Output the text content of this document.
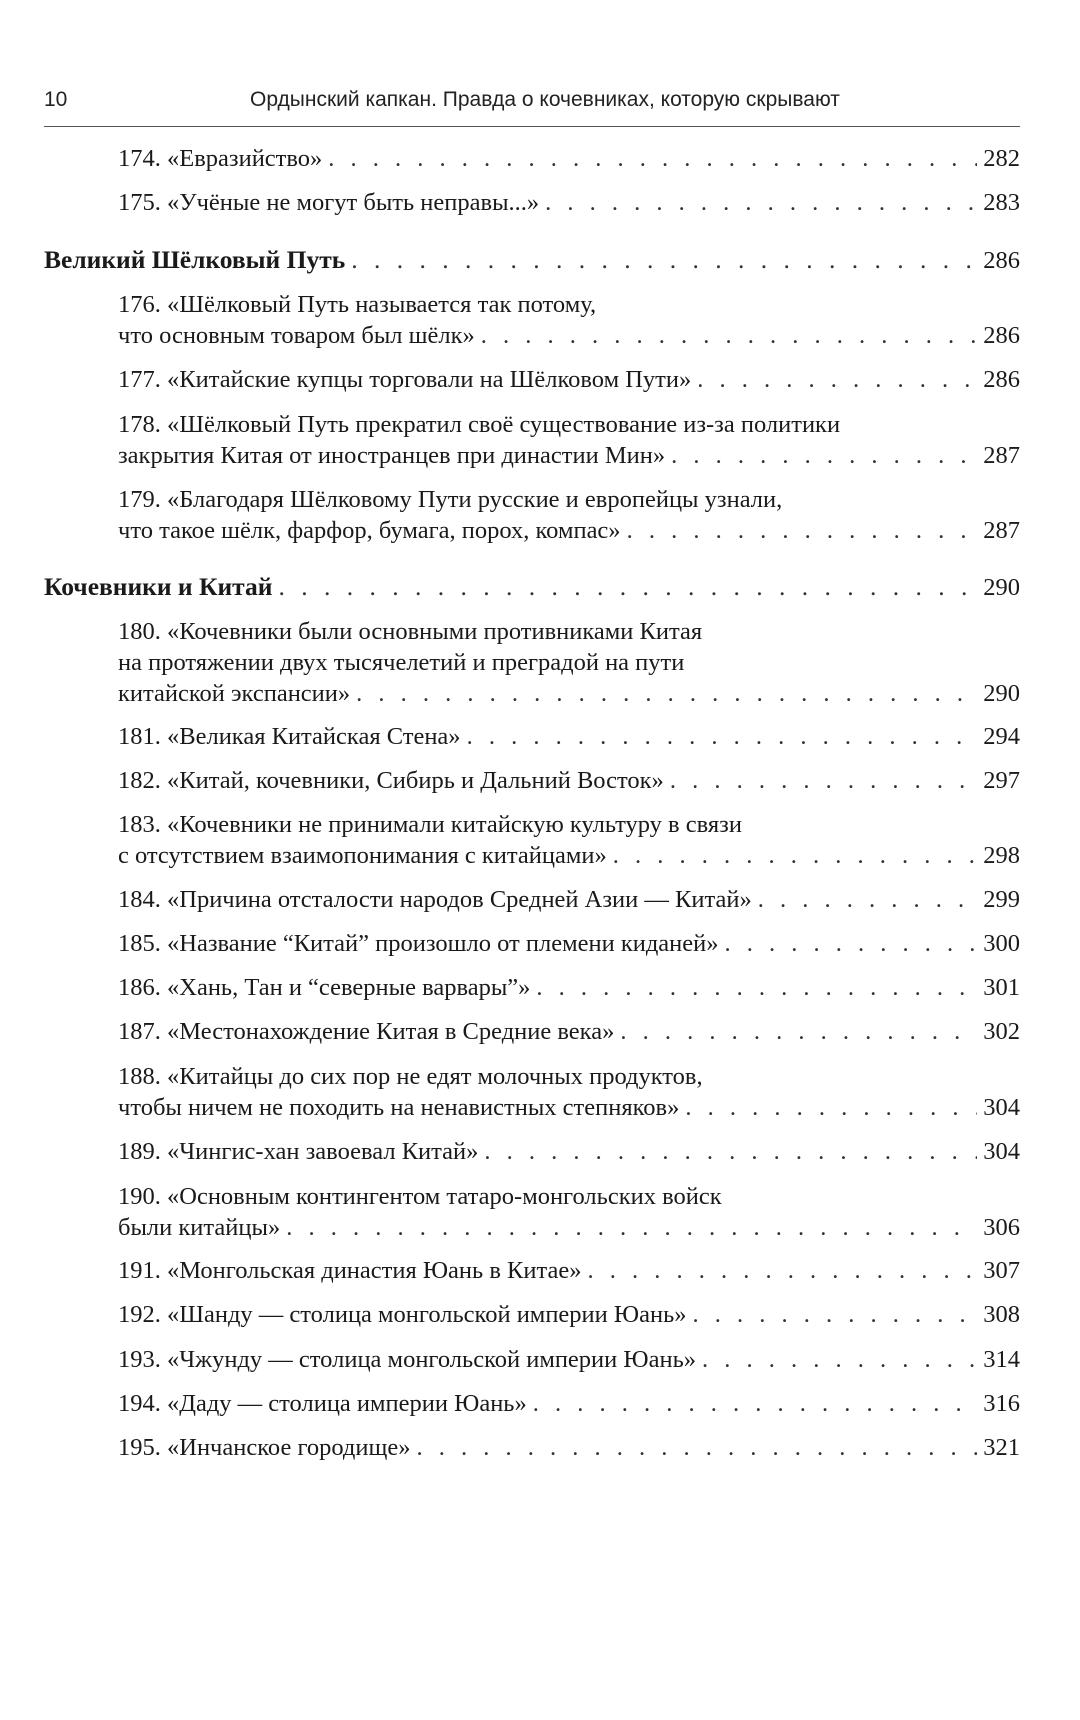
10	Ордынский капкан. Правда о кочевниках, которую скрывают
174. «Евразийство» . . .	282
175. «Учёные не могут быть неправы...» . . .	283
Великий Шёлковый Путь . . .	286
176. «Шёлковый Путь называется так потому,
что основным товаром был шёлк» . . .	286
177. «Китайские купцы торговали на Шёлковом Пути» . . .	286
178. «Шёлковый Путь прекратил своё существование из-за политики
закрытия Китая от иностранцев при династии Мин» . . .	287
179. «Благодаря Шёлковому Пути русские и европейцы узнали,
что такое шёлк, фарфор, бумага, порох, компас» . . .	287
Кочевники и Китай . . .	290
180. «Кочевники были основными противниками Китая
на протяжении двух тысячелетий и преградой на пути
китайской экспансии» . . .	290
181. «Великая Китайская Стена» . . .	294
182. «Китай, кочевники, Сибирь и Дальний Восток» . . .	297
183. «Кочевники не принимали китайскую культуру в связи
с отсутствием взаимопонимания с китайцами» . . .	298
184. «Причина отсталости народов Средней Азии — Китай» . . .	299
185. «Название “Китай” произошло от племени киданей» . . .	300
186. «Хань, Тан и “северные варвары”» . . .	301
187. «Местонахождение Китая в Средние века» . . .	302
188. «Китайцы до сих пор не едят молочных продуктов,
чтобы ничем не походить на ненавистных степняков» . . .	304
189. «Чингис-хан завоевал Китай» . . .	304
190. «Основным контингентом татаро-монгольских войск
были китайцы» . . .	306
191. «Монгольская династия Юань в Китае» . . .	307
192. «Шанду — столица монгольской империи Юань» . . .	308
193. «Чжунду — столица монгольской империи Юань» . . .	314
194. «Даду — столица империи Юань» . . .	316
195. «Инчанское городище» . . .	321
